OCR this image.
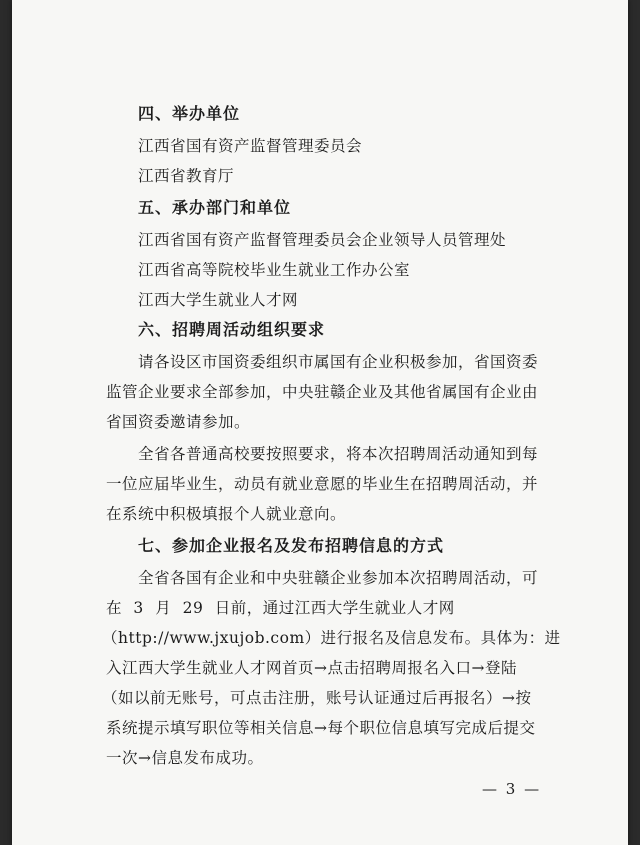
四、举办单位
江西省国有资产监督管理委员会
江西省教育厅
五、承办部门和单位
江西省国有资产监督管理委员会企业领导人员管理处
江西省高等院校毕业生就业工作办公室
江西大学生就业人才网
六、招聘周活动组织要求
请各设区市国资委组织市属国有企业积极参加，省国资委
监管企业要求全部参加，中央驻赣企业及其他省属国有企业由
省国资委邀请参加。
全省各普通高校要按照要求，将本次招聘周活动通知到每
一位应届毕业生，动员有就业意愿的毕业生在招聘周活动，并
在系统中积极填报个人就业意向。
七、参加企业报名及发布招聘信息的方式
全省各国有企业和中央驻赣企业参加本次招聘周活动，可
在 3 月 29 日前，通过江西大学生就业人才网
（http://www.jxujob.com）进行报名及信息发布。具体为：进
入江西大学生就业人才网首页→点击招聘周报名入口→登陆
（如以前无账号，可点击注册，账号认证通过后再报名）→按
系统提示填写职位等相关信息→每个职位信息填写完成后提交
一次→信息发布成功。
— 3 —
